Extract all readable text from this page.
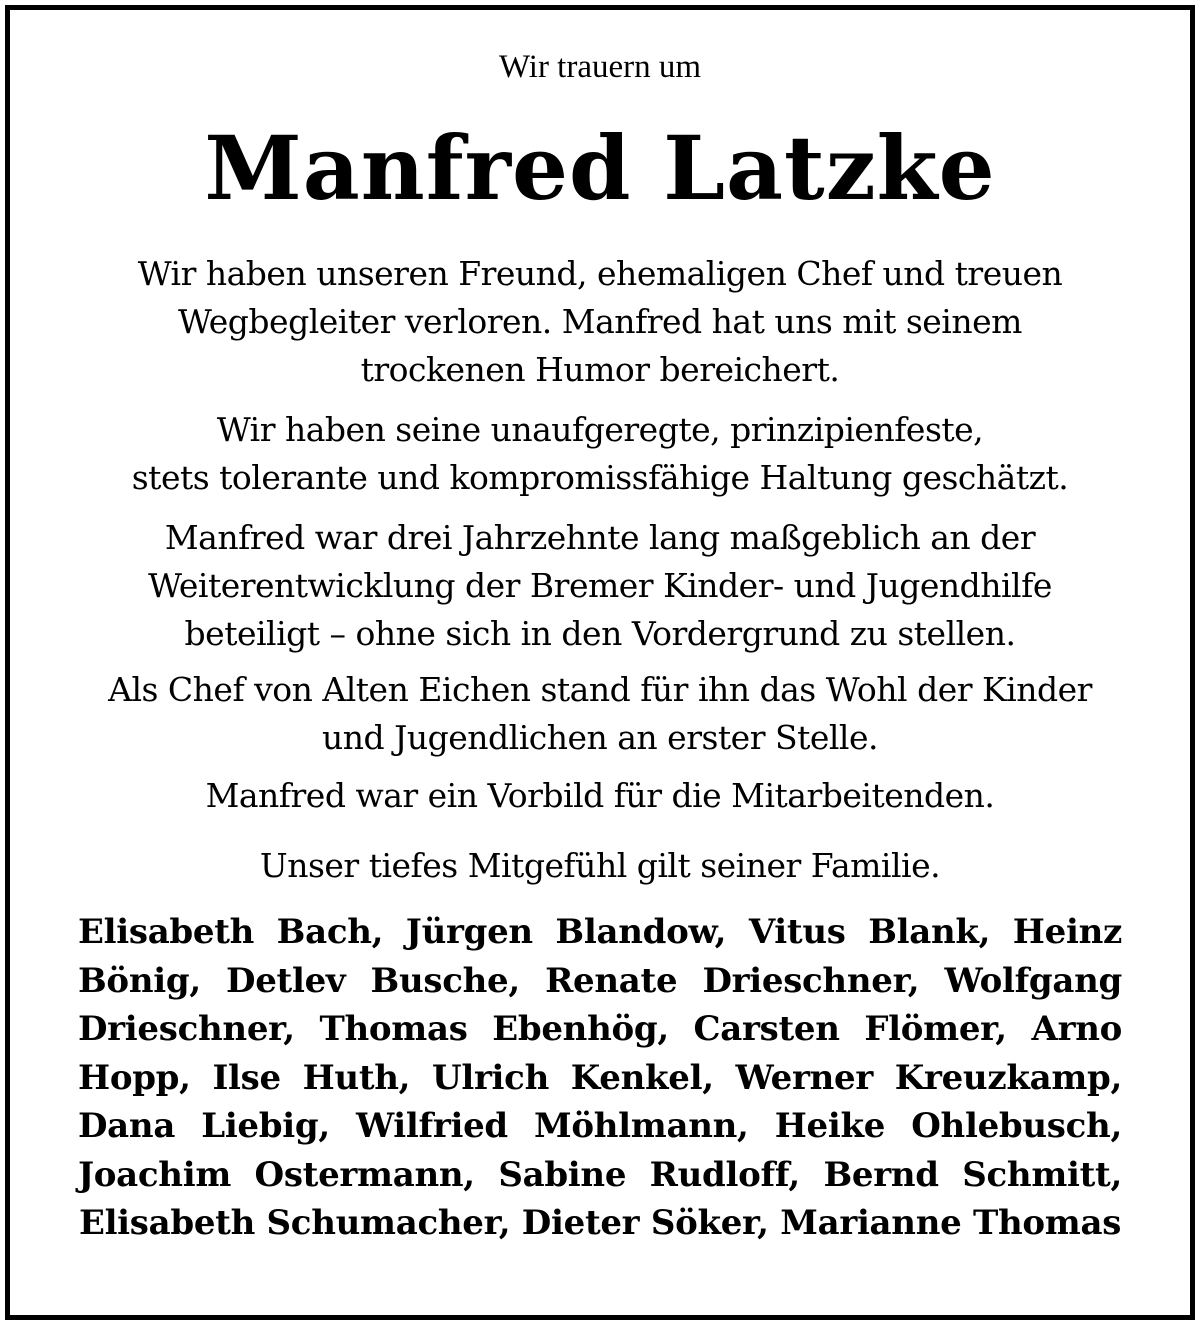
Wir trauern um
Manfred Latzke
Wir haben unseren Freund, ehemaligen Chef und treuen
Wegbegleiter verloren. Manfred hat uns mit seinem
trockenen Humor bereichert.
Wir haben seine unaufgeregte, prinzipienfeste,
stets tolerante und kompromissfähige Haltung geschätzt.
Manfred war drei Jahrzehnte lang maßgeblich an der
Weiterentwicklung der Bremer Kinder- und Jugendhilfe
beteiligt – ohne sich in den Vordergrund zu stellen.
Als Chef von Alten Eichen stand für ihn das Wohl der Kinder
und Jugendlichen an erster Stelle.
Manfred war ein Vorbild für die Mitarbeitenden.
Unser tiefes Mitgefühl gilt seiner Familie.
Elisabeth Bach, Jürgen Blandow, Vitus Blank, Heinz Bönig, Detlev Busche, Renate Drieschner, Wolfgang Drieschner, Thomas Ebenhög, Carsten Flömer, Arno Hopp, Ilse Huth, Ulrich Kenkel, Werner Kreuzkamp, Dana Liebig, Wilfried Möhlmann, Heike Ohlebusch, Joachim Ostermann, Sabine Rudloff, Bernd Schmitt, Elisabeth Schumacher, Dieter Söker, Marianne Thomas
